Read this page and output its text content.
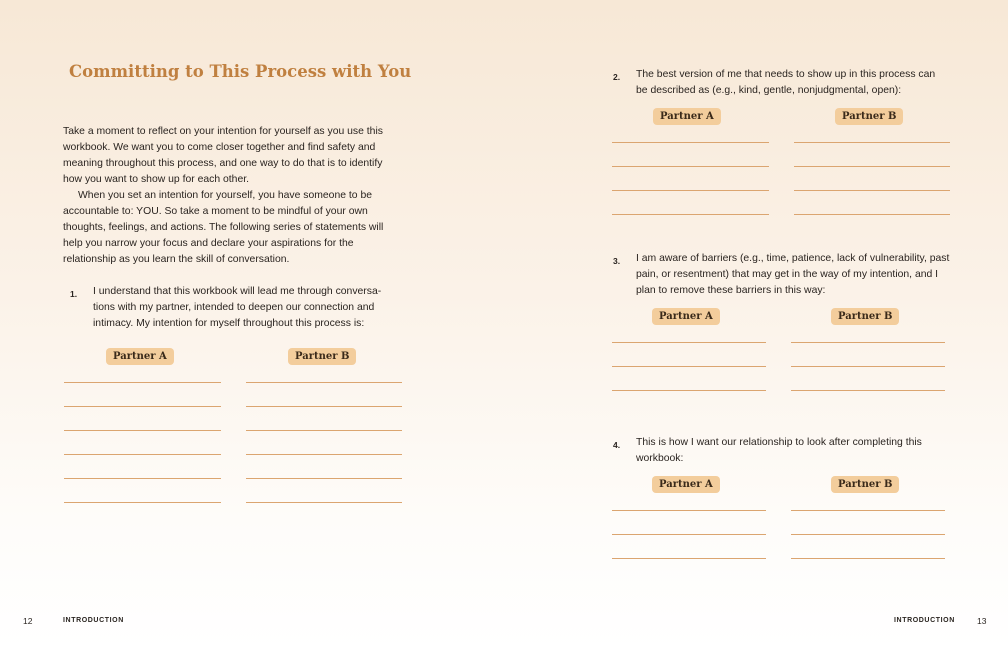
Committing to This Process with You

Take a moment to reflect on your intention for yourself as you use this workbook. We want you to come closer together and find safety and meaning throughout this process, and one way to do that is to identify how you want to show up for each other.

When you set an intention for yourself, you have someone to be accountable to: YOU. So take a moment to be mindful of your own thoughts, feelings, and actions. The following series of statements will help you narrow your focus and declare your aspirations for the relationship as you learn the skill of conversation.

1. I understand that this workbook will lead me through conversa-tions with my partner, intended to deepen our connection and intimacy. My intention for myself throughout this process is:

Partner A	Partner B
12	INTRODUCTION
2. The best version of me that needs to show up in this process can be described as (e.g., kind, gentle, nonjudgmental, open):

Partner A	Partner B
3. I am aware of barriers (e.g., time, patience, lack of vulnerability, past pain, or resentment) that may get in the way of my intention, and I plan to remove these barriers in this way:

Partner A	Partner B
4. This is how I want our relationship to look after completing this workbook:

Partner A	Partner B
INTRODUCTION	13
